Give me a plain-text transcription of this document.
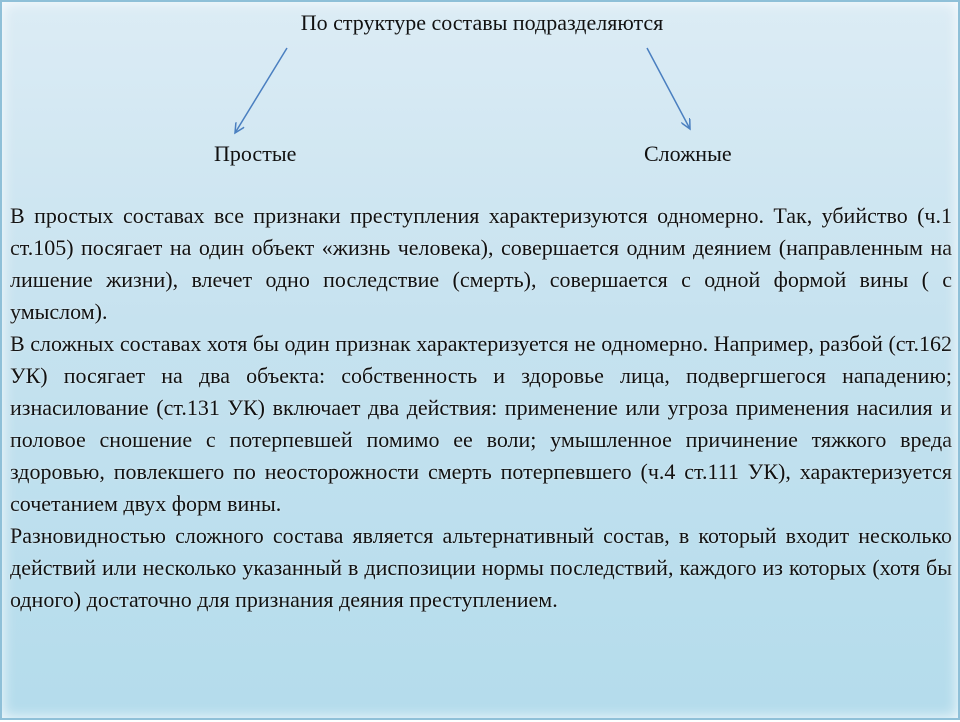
По структуре составы подразделяются
Простые	Сложные

В простых составах все признаки преступления характеризуются одномерно. Так, убийство (ч.1 ст.105) посягает на один объект «жизнь человека), совершается одним деянием (направленным на лишение жизни), влечет одно последствие (смерть), совершается с одной формой вины ( с умыслом).

В сложных составах хотя бы один признак характеризуется не одномерно. Например, разбой (ст.162 УК) посягает на два объекта: собственность и здоровье лица, подвергшегося нападению; изнасилование (ст.131 УК) включает два действия: применение или угроза применения насилия и половое сношение с потерпевшей помимо ее воли; умышленное причинение тяжкого вреда здоровью, повлекшего по неосторожности смерть потерпевшего (ч.4 ст.111 УК), характеризуется сочетанием двух форм вины.

Разновидностью сложного состава является альтернативный состав, в который входит несколько действий или несколько указанный в диспозиции нормы последствий, каждого из которых (хотя бы одного) достаточно для признания деяния преступлением.
